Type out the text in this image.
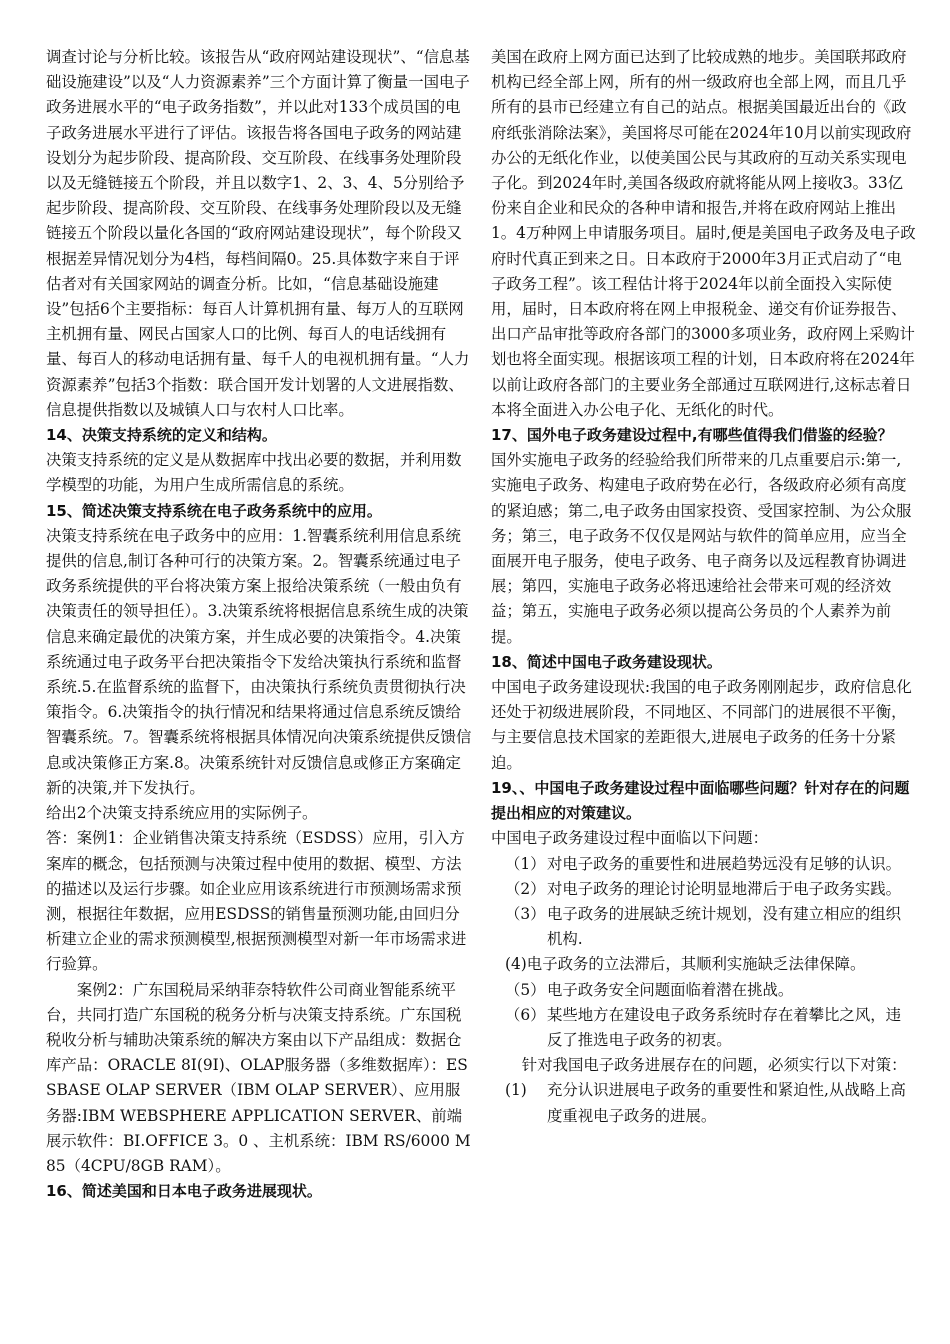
调查讨论与分析比较。该报告从“政府网站建设现状”、“信息基础设施建设”以及“人力资源素养”三个方面计算了衡量一国电子政务进展水平的“电子政务指数”，并以此对133个成员国的电子政务进展水平进行了评估。该报告将各国电子政务的网站建设划分为起步阶段、提高阶段、交互阶段、在线事务处理阶段以及无缝链接五个阶段，并且以数字1、2、3、4、5分别给予起步阶段、提高阶段、交互阶段、在线事务处理阶段以及无缝链接五个阶段以量化各国的“政府网站建设现状”，每个阶段又根据差异情况划分为4档，每档间隔0。25.具体数字来自于评估者对有关国家网站的调查分析。比如，“信息基础设施建设”包括6个主要指标：每百人计算机拥有量、每万人的互联网主机拥有量、网民占国家人口的比例、每百人的电话线拥有量、每百人的移动电话拥有量、每千人的电视机拥有量。“人力资源素养”包括3个指数：联合国开发计划署的人文进展指数、信息提供指数以及城镇人口与农村人口比率。

14、决策支持系统的定义和结构。

决策支持系统的定义是从数据库中找出必要的数据，并利用数学模型的功能，为用户生成所需信息的系统。

15、简述决策支持系统在电子政务系统中的应用。

决策支持系统在电子政务中的应用：1.智囊系统利用信息系统提供的信息,制订各种可行的决策方案。2。智囊系统通过电子政务系统提供的平台将决策方案上报给决策系统（一般由负有决策责任的领导担任）。3.决策系统将根据信息系统生成的决策信息来确定最优的决策方案，并生成必要的决策指令。4.决策系统通过电子政务平台把决策指令下发给决策执行系统和监督系统.5.在监督系统的监督下，由决策执行系统负责贯彻执行决策指令。6.决策指令的执行情况和结果将通过信息系统反馈给智囊系统。7。智囊系统将根据具体情况向决策系统提供反馈信息或决策修正方案.8。决策系统针对反馈信息或修正方案确定新的决策,并下发执行。

给出2个决策支持系统应用的实际例子。

答：案例1：企业销售决策支持系统（ESDSS）应用，引入方案库的概念，包括预测与决策过程中使用的数据、模型、方法的描述以及运行步骤。如企业应用该系统进行市预测场需求预测，根据往年数据，应用ESDSS的销售量预测功能,由回归分析建立企业的需求预测模型,根据预测模型对新一年市场需求进行验算。

案例2：广东国税局采纳菲奈特软件公司商业智能系统平台，共同打造广东国税的税务分析与决策支持系统。广东国税税收分析与辅助决策系统的解决方案由以下产品组成：数据仓库产品：ORACLE 8I(9I)、OLAP服务器（多维数据库）：ESSBASE OLAP SERVER（IBM OLAP SERVER）、应用服务器:IBM WEBSPHERE APPLICATION SERVER、前端展示软件：BI.OFFICE 3。0 、主机系统：IBM RS/6000 M85（4CPU/8GB RAM）。

16、简述美国和日本电子政务进展现状。

美国在政府上网方面已达到了比较成熟的地步。美国联邦政府机构已经全部上网，所有的州一级政府也全部上网，而且几乎所有的县市已经建立有自己的站点。根据美国最近出台的《政府纸张消除法案》，美国将尽可能在2024年10月以前实现政府办公的无纸化作业，以使美国公民与其政府的互动关系实现电子化。到2024年时,美国各级政府就将能从网上接收3。33亿份来自企业和民众的各种申请和报告,并将在政府网站上推出1。4万种网上申请服务项目。届时,便是美国电子政务及电子政府时代真正到来之日。日本政府于2000年3月正式启动了“电子政务工程”。该工程估计将于2024年以前全面投入实际使用，届时，日本政府将在网上申报税金、递交有价证券报告、出口产品审批等政府各部门的3000多项业务，政府网上采购计划也将全面实现。根据该项工程的计划，日本政府将在2024年以前让政府各部门的主要业务全部通过互联网进行,这标志着日本将全面进入办公电子化、无纸化的时代。

17、国外电子政务建设过程中,有哪些值得我们借鉴的经验？

国外实施电子政务的经验给我们所带来的几点重要启示:第一,实施电子政务、构建电子政府势在必行，各级政府必须有高度的紧迫感；第二,电子政务由国家投资、受国家控制、为公众服务；第三，电子政务不仅仅是网站与软件的简单应用，应当全面展开电子服务，使电子政务、电子商务以及远程教育协调进展；第四，实施电子政务必将迅速给社会带来可观的经济效益；第五，实施电子政务必须以提高公务员的个人素养为前提。

18、简述中国电子政务建设现状。

中国电子政务建设现状:我国的电子政务刚刚起步，政府信息化还处于初级进展阶段，不同地区、不同部门的进展很不平衡，与主要信息技术国家的差距很大,进展电子政务的任务十分紧迫。

19、、中国电子政务建设过程中面临哪些问题？针对存在的问题提出相应的对策建议。

中国电子政务建设过程中面临以下问题：

（1） 对电子政务的重要性和进展趋势远没有足够的认识。
（2） 对电子政务的理论讨论明显地滞后于电子政务实践。
（3） 电子政务的进展缺乏统计规划，没有建立相应的组织机构.
(4)电子政务的立法滞后，其顺利实施缺乏法律保障。
（5） 电子政务安全问题面临着潜在挑战。
（6） 某些地方在建设电子政务系统时存在着攀比之风，违反了推选电子政务的初衷。

针对我国电子政务进展存在的问题，必须实行以下对策：

(1)	充分认识进展电子政务的重要性和紧迫性,从战略上高度重视电子政务的进展。
